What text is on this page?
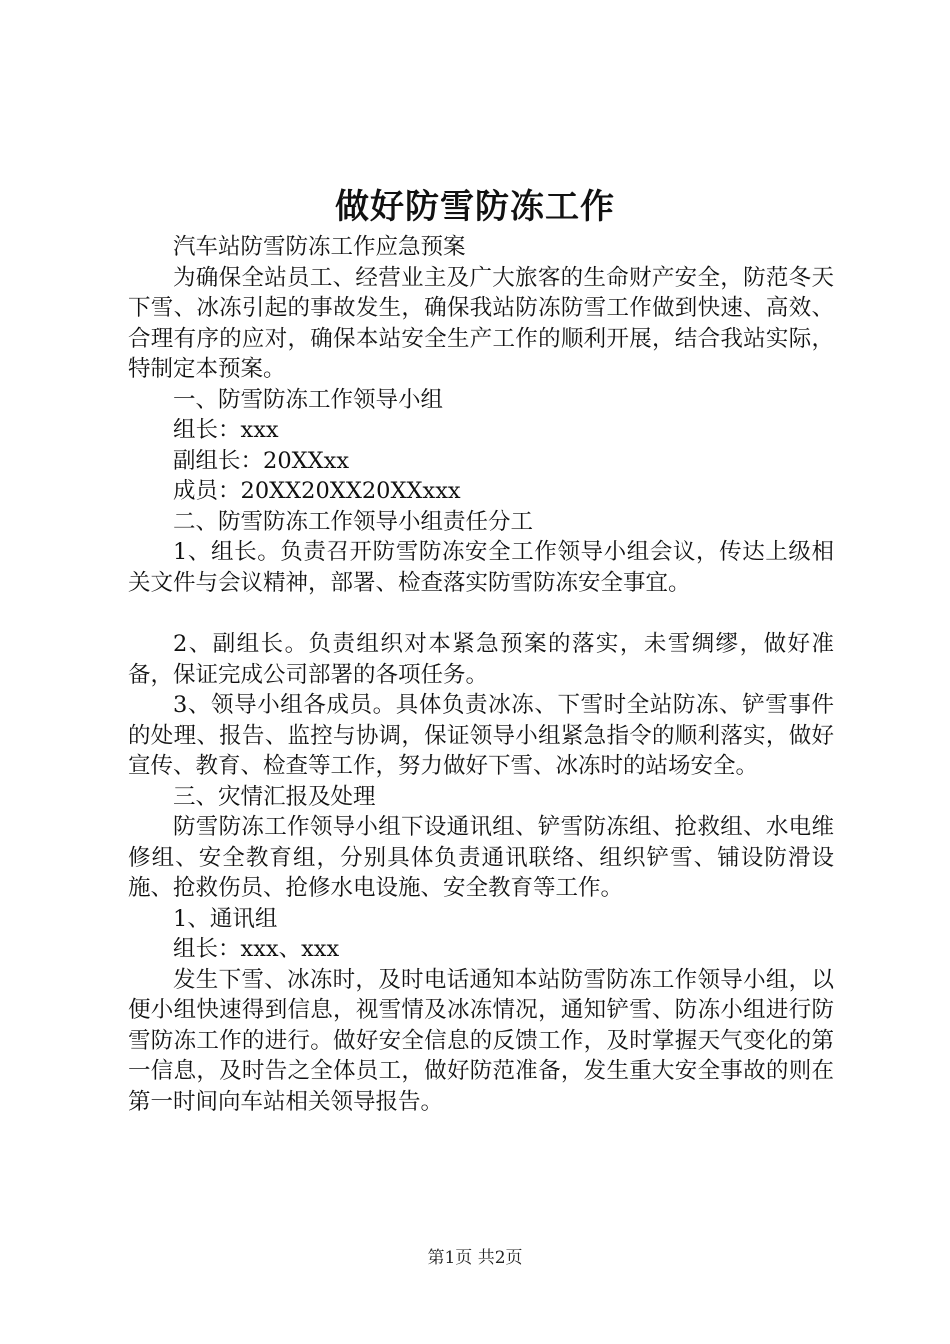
做好防雪防冻工作

汽车站防雪防冻工作应急预案

为确保全站员工、经营业主及广大旅客的生命财产安全，防范冬天下雪、冰冻引起的事故发生，确保我站防冻防雪工作做到快速、高效、合理有序的应对，确保本站安全生产工作的顺利开展，结合我站实际，特制定本预案。

一、防雪防冻工作领导小组

组长：xxx

副组长：20XXxx

成员：20XX20XX20XXxxx

二、防雪防冻工作领导小组责任分工

1、组长。负责召开防雪防冻安全工作领导小组会议，传达上级相关文件与会议精神，部署、检查落实防雪防冻安全事宜。

2、副组长。负责组织对本紧急预案的落实，未雪绸缪，做好准备，保证完成公司部署的各项任务。

3、领导小组各成员。具体负责冰冻、下雪时全站防冻、铲雪事件的处理、报告、监控与协调，保证领导小组紧急指令的顺利落实，做好宣传、教育、检查等工作，努力做好下雪、冰冻时的站场安全。

三、灾情汇报及处理

防雪防冻工作领导小组下设通讯组、铲雪防冻组、抢救组、水电维修组、安全教育组，分别具体负责通讯联络、组织铲雪、铺设防滑设施、抢救伤员、抢修水电设施、安全教育等工作。

1、通讯组

组长：xxx、xxx

发生下雪、冰冻时，及时电话通知本站防雪防冻工作领导小组，以便小组快速得到信息，视雪情及冰冻情况，通知铲雪、防冻小组进行防雪防冻工作的进行。做好安全信息的反馈工作，及时掌握天气变化的第一信息，及时告之全体员工，做好防范准备，发生重大安全事故的则在第一时间向车站相关领导报告。

第1页 共2页
